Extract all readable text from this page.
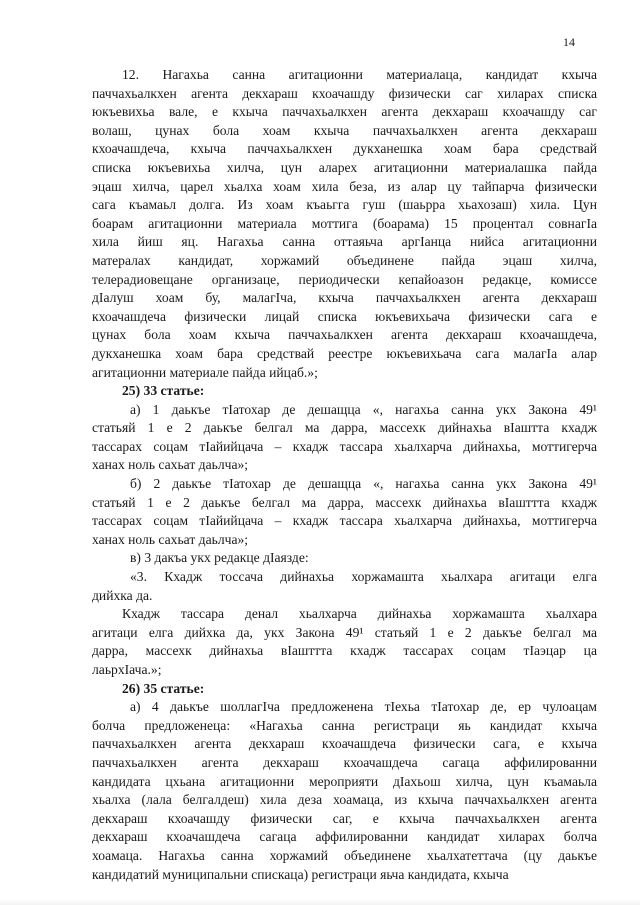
14

12. Нагахьа санна агитационни материалаца, кандидат кхыча
паччахьалкхен агента декхараш кхоачашду физически саг хиларах списка
юкъевихьа вале, е кхыча паччахьалкхен агента декхараш кхоачашду саг
волаш, цунах бола хоам кхыча паччахьалкхен агента декхараш
кхоачашдеча, кхыча паччахьалкхен дукханешка хоам бара средствай
списка юкъевихьа хилча, цун аларех агитационни материалашка пайда
эцаш хилча, царел хьалха хоам хила беза, из алар цу тайпарча физически
сага къамаьл долга. Из хоам къаьгга гуш (шаьрра хьахозаш) хила. Цун
боарам агитационни материала моттига (боарама) 15 процентал совнагIа
хила йиш яц. Нагахьа санна оттаяьча аргIанца нийса агитационни
матералах кандидат, хоржамий объединене пайда эцаш хилча,
телерадиовещане организаце, периодически кепайоазон редакце, комиссе
дIалуш хоам бу, малагIча, кхыча паччахьалкхен агента декхараш
кхоачашдеча физически лицай списка юкъевихьача физически сага е
цунах бола хоам кхыча паччахьалкхен агента декхараш кхоачашдеча,
дукханешка хоам бара средствай реестре юкъевихьача сага малагIа алар
агитационни материале пайда ийцаб.»;

25) 33 статье:

а) 1 даькъе тIатохар де дешащца «, нагахьа санна укх Закона 49¹
статьяй 1 е 2 даькъе белгал ма дарра, массехк дийнахьа вIаштта кхадж
тассарах соцам тIайийцача – кхадж тассара хьалхарча дийнахьа, моттигерча
ханах ноль сахьат даьлча»;

б) 2 даькъе тIатохар де дешащца «, нагахьа санна укх Закона 49¹
статьяй 1 е 2 даькъе белгал ма дарра, массехк дийнахьа вIашттта кхадж
тассарах соцам тIайийцача – кхадж тассара хьалхарча дийнахьа, моттигерча
ханах ноль сахьат даьлча»;

в) 3 дакъа укх редакце дIаязде:

«3. Кхадж тоссача дийнахьа хоржамашта хьалхара агитаци елга
дийхка да.

Кхадж тассара денал хьалхарча дийнахьа хоржамашта хьалхара
агитаци елга дийхка да, укх Закона 49¹ статьяй 1 е 2 даькъе белгал ма
дарра, массехк дийнахьа вIашттта кхадж тассарах соцам тIаэцар ца
лаьрхIача.»;

26) 35 статье:

а) 4 даькъе шоллагIча предложенена тIехьа тIатохар де, ер чулоацам
болча предложенеца: «Нагахьа санна регистраци яь кандидат кхыча
паччахьалкхен агента декхараш кхоачашдеча физически сага, е кхыча
паччахьалкхен агента декхараш кхоачашдеча сагаца аффилированни
кандидата цхьана агитационни мероприяти дIахьош хилча, цун къамаьла
хьалха (лала белгалдеш) хила деза хоамаца, из кхыча паччахьалкхен агента
декхараш кхоачашду физически саг, е кхыча паччахьалкхен агента
декхараш кхоачашдеча сагаца аффилированни кандидат хиларах болча
хоамаца. Нагахьа санна хоржамий объединене хьалхатеттача (цу даькъе
кандидатий муниципальни спискаца) регистраци яьча кандидата, кхыча
